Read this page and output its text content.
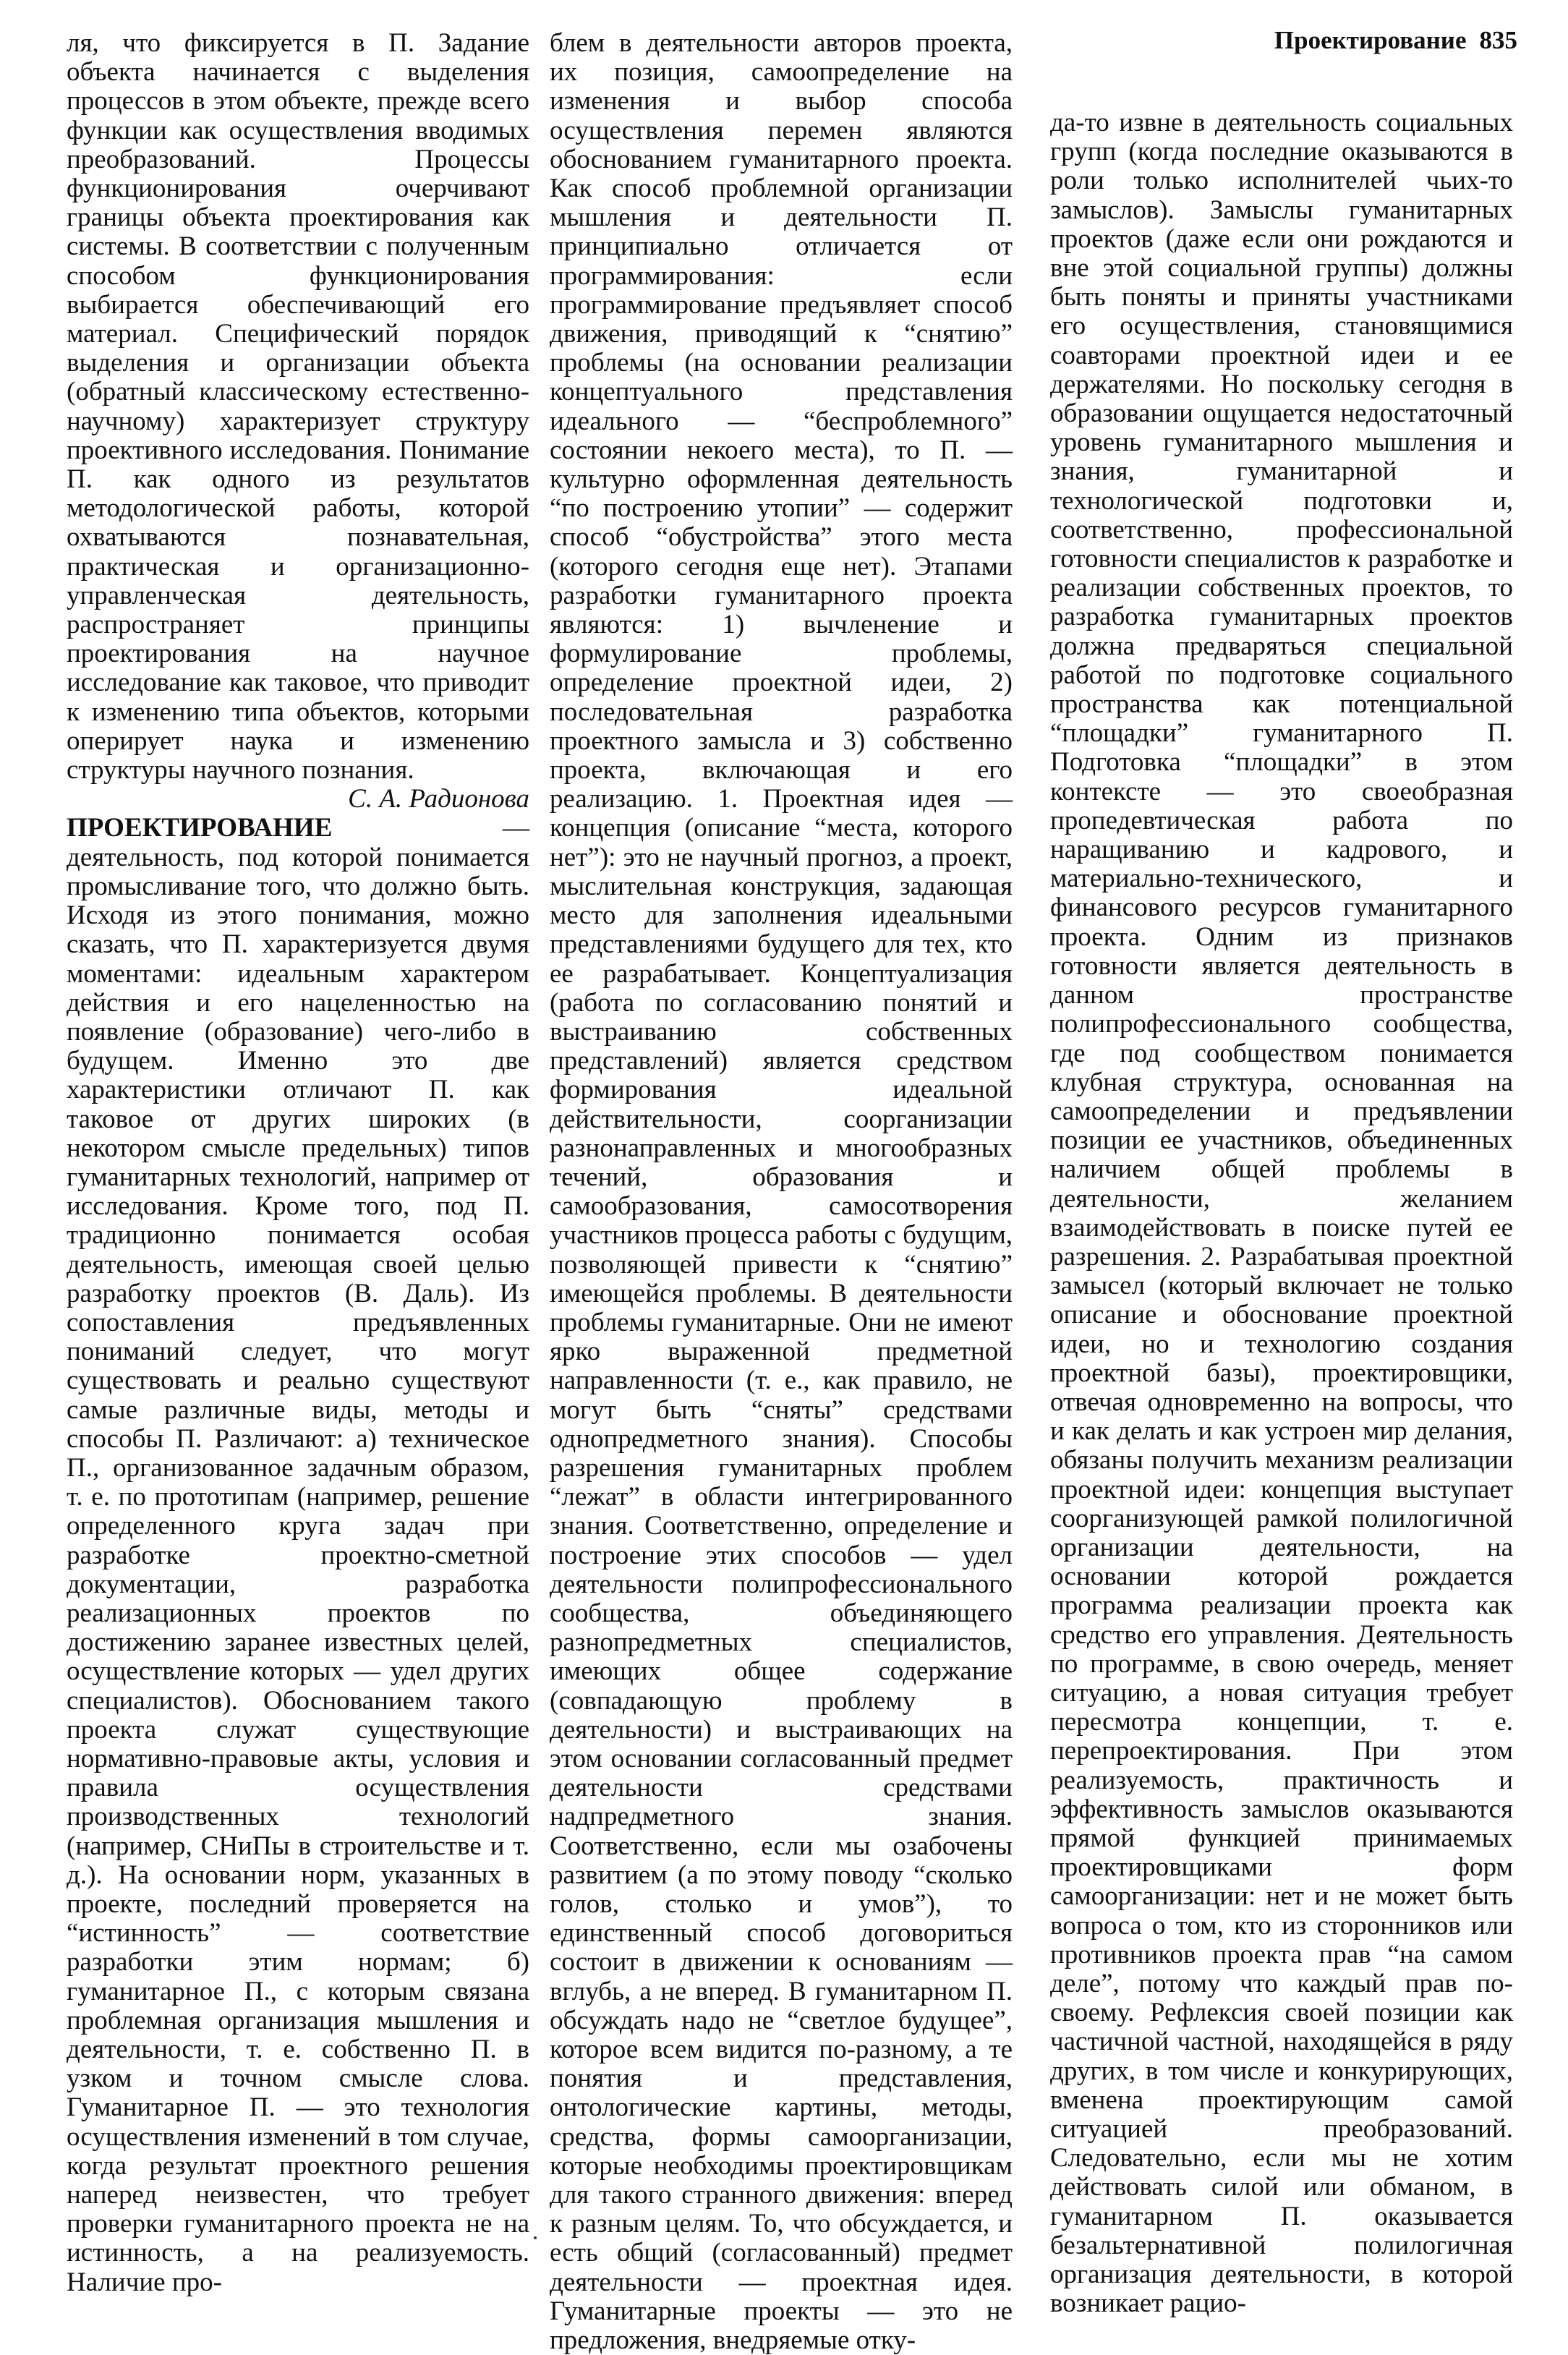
Проектирование 835

ля, что фиксируется в П. Задание объекта начинается с выделения процессов в этом объекте, прежде всего функции как осуществления вводимых преобразований. Процессы функционирования очерчивают границы объекта проектирования как системы. В соответствии с полученным способом функционирования выбирается обеспечивающий его материал. Специфический порядок выделения и организации объекта (обратный классическому естественно-научному) характеризует структуру проективного исследования. Понимание П. как одного из результатов методологической работы, которой охватываются познавательная, практическая и организационно-управленческая деятельность, распространяет принципы проектирования на научное исследование как таковое, что приводит к изменению типа объектов, которыми оперирует наука и изменению структуры научного познания.

С. А. Радионова

ПРОЕКТИРОВАНИЕ — деятельность, под которой понимается промысливание того, что должно быть. Исходя из этого понимания, можно сказать, что П. характеризуется двумя моментами: идеальным характером действия и его нацеленностью на появление (образование) чего-либо в будущем. Именно это две характеристики отличают П. как таковое от других широких (в некотором смысле предельных) типов гуманитарных технологий, например от исследования. Кроме того, под П. традиционно понимается особая деятельность, имеющая своей целью разработку проектов (В. Даль). Из сопоставления предъявленных пониманий следует, что могут существовать и реально существуют самые различные виды, методы и способы П. Различают: а) техническое П., организованное задачным образом, т. е. по прототипам (например, решение определенного круга задач при разработке проектно-сметной документации, разработка реализационных проектов по достижению заранее известных целей, осуществление которых — удел других специалистов). Обоснованием такого проекта служат существующие нормативно-правовые акты, условия и правила осуществления производственных технологий (например, СНиПы в строительстве и т. д.). На основании норм, указанных в проекте, последний проверяется на “истинность” — соответствие разработки этим нормам; б) гуманитарное П., с которым связана проблемная организация мышления и деятельности, т. е. собственно П. в узком и точном смысле слова. Гуманитарное П. — это технология осуществления изменений в том случае, когда результат проектного решения наперед неизвестен, что требует проверки гуманитарного проекта не на истинность, а на реализуемость. Наличие про-

блем в деятельности авторов проекта, их позиция, самоопределение на изменения и выбор способа осуществления перемен являются обоснованием гуманитарного проекта. Как способ проблемной организации мышления и деятельности П. принципиально отличается от программирования: если программирование предъявляет способ движения, приводящий к “снятию” проблемы (на основании реализации концептуального представления идеального — “беспроблемного” состоянии некоего места), то П. — культурно оформленная деятельность “по построению утопии” — содержит способ “обустройства” этого места (которого сегодня еще нет). Этапами разработки гуманитарного проекта являются: 1) вычленение и формулирование проблемы, определение проектной идеи, 2) последовательная разработка проектного замысла и 3) собственно проекта, включающая и его реализацию. 1. Проектная идея — концепция (описание “места, которого нет”): это не научный прогноз, а проект, мыслительная конструкция, задающая место для заполнения идеальными представлениями будущего для тех, кто ее разрабатывает. Концептуализация (работа по согласованию понятий и выстраиванию собственных представлений) является средством формирования идеальной действительности, соорганизации разнонаправленных и многообразных течений, образования и самообразования, самосотворения участников процесса работы с будущим, позволяющей привести к “снятию” имеющейся проблемы. В деятельности проблемы гуманитарные. Они не имеют ярко выраженной предметной направленности (т. е., как правило, не могут быть “сняты” средствами однопредметного знания). Способы разрешения гуманитарных проблем “лежат” в области интегрированного знания. Соответственно, определение и построение этих способов — удел деятельности полипрофессионального сообщества, объединяющего разнопредметных специалистов, имеющих общее содержание (совпадающую проблему в деятельности) и выстраивающих на этом основании согласованный предмет деятельности средствами надпредметного знания. Соответственно, если мы озабочены развитием (а по этому поводу “сколько голов, столько и умов”), то единственный способ договориться состоит в движении к основаниям — вглубь, а не вперед. В гуманитарном П. обсуждать надо не “светлое будущее”, которое всем видится по-разному, а те понятия и представления, онтологические картины, методы, средства, формы самоорганизации, которые необходимы проектировщикам для такого странного движения: вперед к разным целям. То, что обсуждается, и есть общий (согласованный) предмет деятельности — проектная идея. Гуманитарные проекты — это не предложения, внедряемые отку-

да-то извне в деятельность социальных групп (когда последние оказываются в роли только исполнителей чьих-то замыслов). Замыслы гуманитарных проектов (даже если они рождаются и вне этой социальной группы) должны быть поняты и приняты участниками его осуществления, становящимися соавторами проектной идеи и ее держателями. Но поскольку сегодня в образовании ощущается недостаточный уровень гуманитарного мышления и знания, гуманитарной и технологической подготовки и, соответственно, профессиональной готовности специалистов к разработке и реализации собственных проектов, то разработка гуманитарных проектов должна предваряться специальной работой по подготовке социального пространства как потенциальной “площадки” гуманитарного П. Подготовка “площадки” в этом контексте — это своеобразная пропедевтическая работа по наращиванию и кадрового, и материально-технического, и финансового ресурсов гуманитарного проекта. Одним из признаков готовности является деятельность в данном пространстве полипрофессионального сообщества, где под сообществом понимается клубная структура, основанная на самоопределении и предъявлении позиции ее участников, объединенных наличием общей проблемы в деятельности, желанием взаимодействовать в поиске путей ее разрешения. 2. Разрабатывая проектной замысел (который включает не только описание и обоснование проектной идеи, но и технологию создания проектной базы), проектировщики, отвечая одновременно на вопросы, что и как делать и как устроен мир делания, обязаны получить механизм реализации проектной идеи: концепция выступает соорганизующей рамкой полилогичной организации деятельности, на основании которой рождается программа реализации проекта как средство его управления. Деятельность по программе, в свою очередь, меняет ситуацию, а новая ситуация требует пересмотра концепции, т. е. перепроектирования. При этом реализуемость, практичность и эффективность замыслов оказываются прямой функцией принимаемых проектировщиками форм самоорганизации: нет и не может быть вопроса о том, кто из сторонников или противников проекта прав “на самом деле”, потому что каждый прав по-своему. Рефлексия своей позиции как частичной частной, находящейся в ряду других, в том числе и конкурирующих, вменена проектирующим самой ситуацией преобразований. Следовательно, если мы не хотим действовать силой или обманом, в гуманитарном П. оказывается безальтернативной полилогичная организация деятельности, в которой возникает рацио-
